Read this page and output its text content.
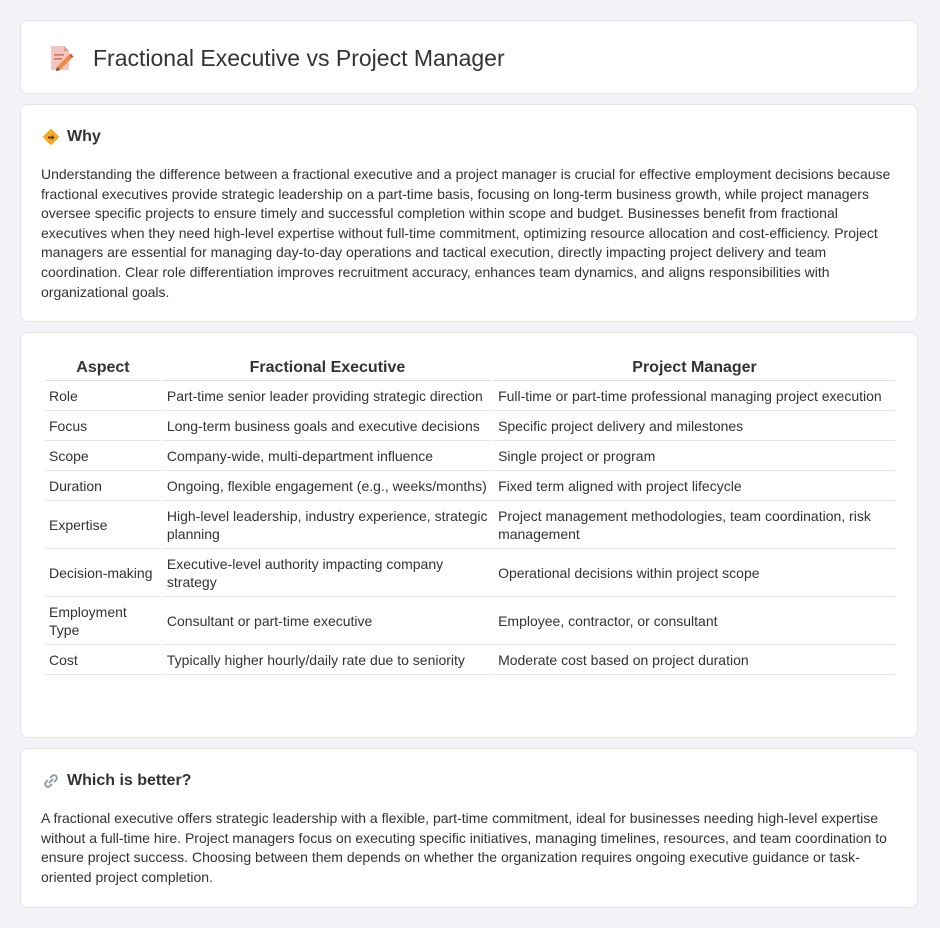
Fractional Executive vs Project Manager
Why

Understanding the difference between a fractional executive and a project manager is crucial for effective employment decisions because fractional executives provide strategic leadership on a part-time basis, focusing on long-term business growth, while project managers oversee specific projects to ensure timely and successful completion within scope and budget. Businesses benefit from fractional executives when they need high-level expertise without full-time commitment, optimizing resource allocation and cost-efficiency. Project managers are essential for managing day-to-day operations and tactical execution, directly impacting project delivery and team coordination. Clear role differentiation improves recruitment accuracy, enhances team dynamics, and aligns responsibilities with organizational goals.

Aspect	Fractional Executive	Project Manager
Role	Part-time senior leader providing strategic direction	Full-time or part-time professional managing project execution
Focus	Long-term business goals and executive decisions	Specific project delivery and milestones
Scope	Company-wide, multi-department influence	Single project or program
Duration	Ongoing, flexible engagement (e.g., weeks/months)	Fixed term aligned with project lifecycle
Expertise	High-level leadership, industry experience, strategic planning	Project management methodologies, team coordination, risk management
Decision-making	Executive-level authority impacting company strategy	Operational decisions within project scope
Employment Type	Consultant or part-time executive	Employee, contractor, or consultant
Cost	Typically higher hourly/daily rate due to seniority	Moderate cost based on project duration
Which is better?

A fractional executive offers strategic leadership with a flexible, part-time commitment, ideal for businesses needing high-level expertise without a full-time hire. Project managers focus on executing specific initiatives, managing timelines, resources, and team coordination to ensure project success. Choosing between them depends on whether the organization requires ongoing executive guidance or task-oriented project completion.
